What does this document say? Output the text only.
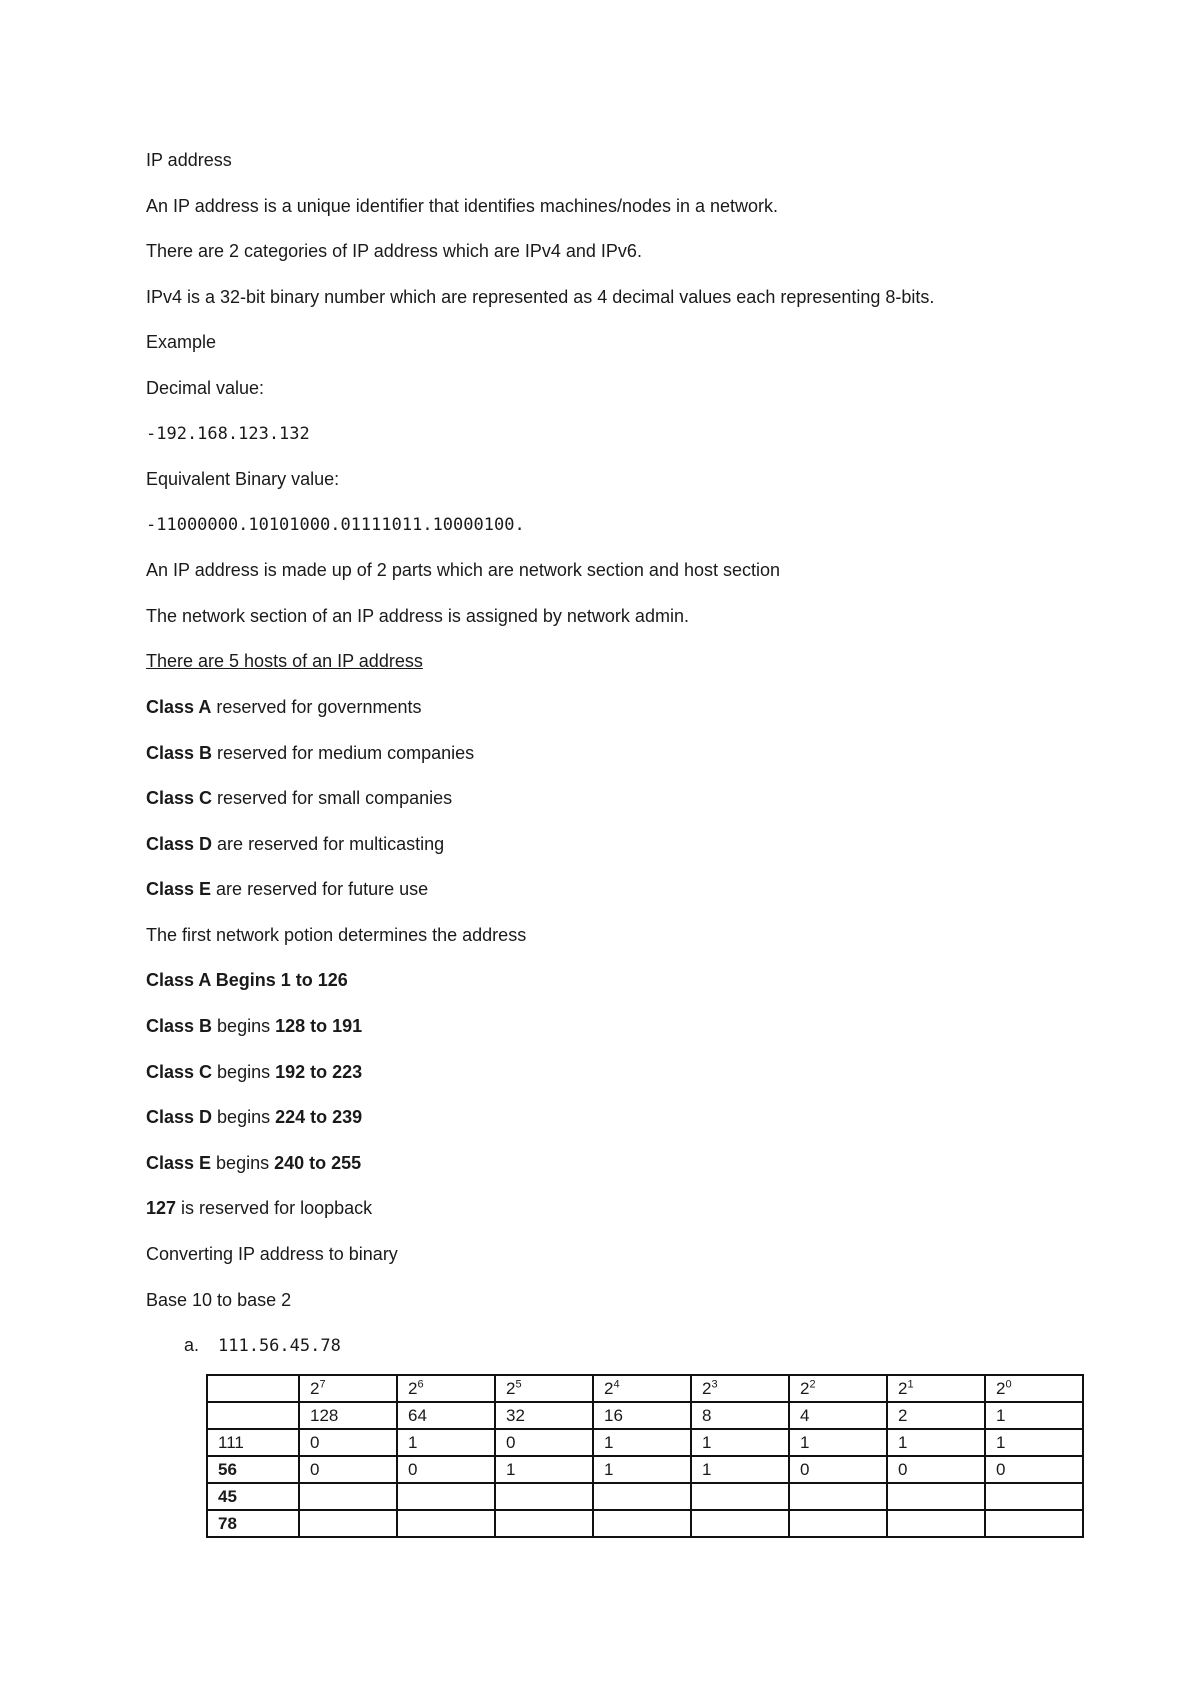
IP address
An IP address is a unique identifier that identifies machines/nodes in a network.
There are 2 categories of IP address which are IPv4 and IPv6.
IPv4 is a 32-bit binary number which are represented as 4 decimal values each representing 8-bits.
Example
Decimal value:
-192.168.123.132
Equivalent Binary value:
-11000000.10101000.01111011.10000100.
An IP address is made up of 2 parts which are network section and host section
The network section of an IP address is assigned by network admin.
There are 5 hosts of an IP address
Class A reserved for governments
Class B reserved for medium companies
Class C reserved for small companies
Class D are reserved for multicasting
Class E are reserved for future use
The first network potion determines the address
Class A Begins 1 to 126
Class B begins 128 to 191
Class C begins 192 to 223
Class D begins 224 to 239
Class E begins 240 to 255
127 is reserved for loopback
Converting IP address to binary
Base 10 to base 2
a. 111.56.45.78
	$2^7$	$2^6$	$2^5$	$2^4$	$2^3$	$2^2$	$2^1$	$2^0$
	128	64	32	16	8	4	2	1
111	0	1	0	1	1	1	1	1
56	0	0	1	1	1	0	0	0
45								
78								
